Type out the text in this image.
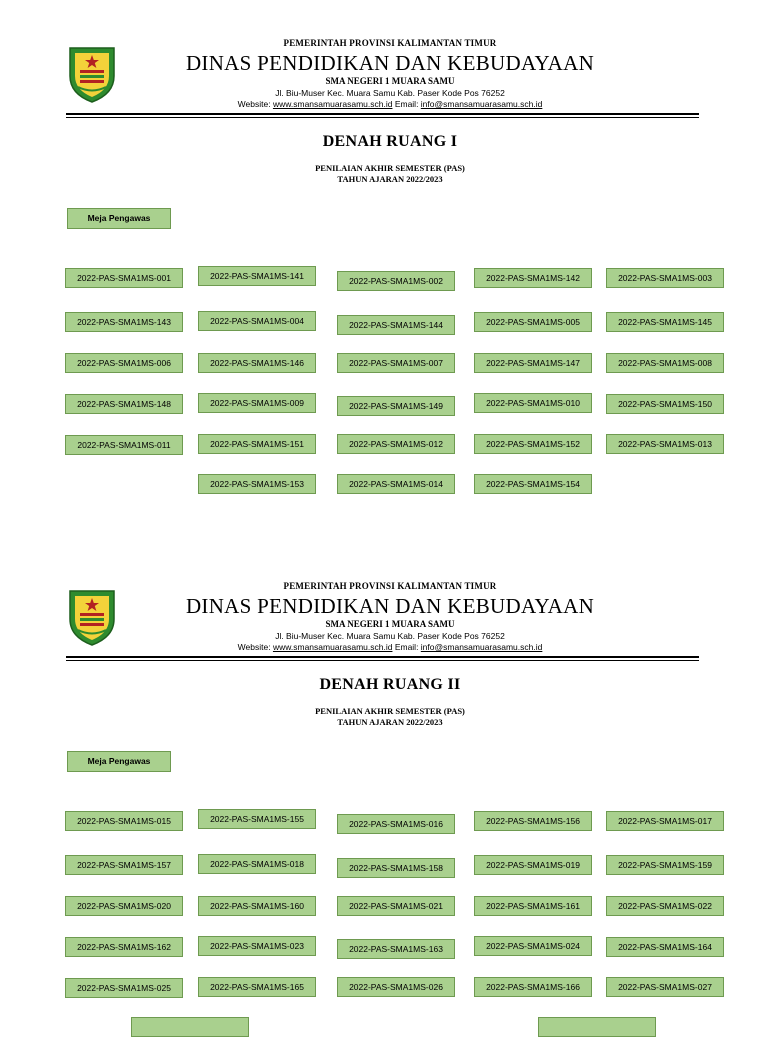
PEMERINTAH PROVINSI KALIMANTAN TIMUR
DINAS PENDIDIKAN DAN KEBUDAYAAN
SMA NEGERI 1 MUARA SAMU
Jl. Biu-Muser Kec. Muara Samu Kab. Paser Kode Pos 76252
Website: www.smansamuarasamu.sch.id Email: info@smansamuarasamu.sch.id
DENAH RUANG I
PENILAIAN AKHIR SEMESTER (PAS)
TAHUN AJARAN 2022/2023
Meja Pengawas
2022-PAS-SMA1MS-001	2022-PAS-SMA1MS-141	2022-PAS-SMA1MS-002	2022-PAS-SMA1MS-142	2022-PAS-SMA1MS-003
2022-PAS-SMA1MS-143	2022-PAS-SMA1MS-004	2022-PAS-SMA1MS-144	2022-PAS-SMA1MS-005	2022-PAS-SMA1MS-145
2022-PAS-SMA1MS-006	2022-PAS-SMA1MS-146	2022-PAS-SMA1MS-007	2022-PAS-SMA1MS-147	2022-PAS-SMA1MS-008
2022-PAS-SMA1MS-148	2022-PAS-SMA1MS-009	2022-PAS-SMA1MS-149	2022-PAS-SMA1MS-010	2022-PAS-SMA1MS-150
2022-PAS-SMA1MS-011	2022-PAS-SMA1MS-151	2022-PAS-SMA1MS-012	2022-PAS-SMA1MS-152	2022-PAS-SMA1MS-013
2022-PAS-SMA1MS-153	2022-PAS-SMA1MS-014	2022-PAS-SMA1MS-154
PEMERINTAH PROVINSI KALIMANTAN TIMUR
DINAS PENDIDIKAN DAN KEBUDAYAAN
SMA NEGERI 1 MUARA SAMU
Jl. Biu-Muser Kec. Muara Samu Kab. Paser Kode Pos 76252
Website: www.smansamuarasamu.sch.id Email: info@smansamuarasamu.sch.id
DENAH RUANG II
PENILAIAN AKHIR SEMESTER (PAS)
TAHUN AJARAN 2022/2023
Meja Pengawas
2022-PAS-SMA1MS-015	2022-PAS-SMA1MS-155	2022-PAS-SMA1MS-016	2022-PAS-SMA1MS-156	2022-PAS-SMA1MS-017
2022-PAS-SMA1MS-157	2022-PAS-SMA1MS-018	2022-PAS-SMA1MS-158	2022-PAS-SMA1MS-019	2022-PAS-SMA1MS-159
2022-PAS-SMA1MS-020	2022-PAS-SMA1MS-160	2022-PAS-SMA1MS-021	2022-PAS-SMA1MS-161	2022-PAS-SMA1MS-022
2022-PAS-SMA1MS-162	2022-PAS-SMA1MS-023	2022-PAS-SMA1MS-163	2022-PAS-SMA1MS-024	2022-PAS-SMA1MS-164
2022-PAS-SMA1MS-025	2022-PAS-SMA1MS-165	2022-PAS-SMA1MS-026	2022-PAS-SMA1MS-166	2022-PAS-SMA1MS-027
